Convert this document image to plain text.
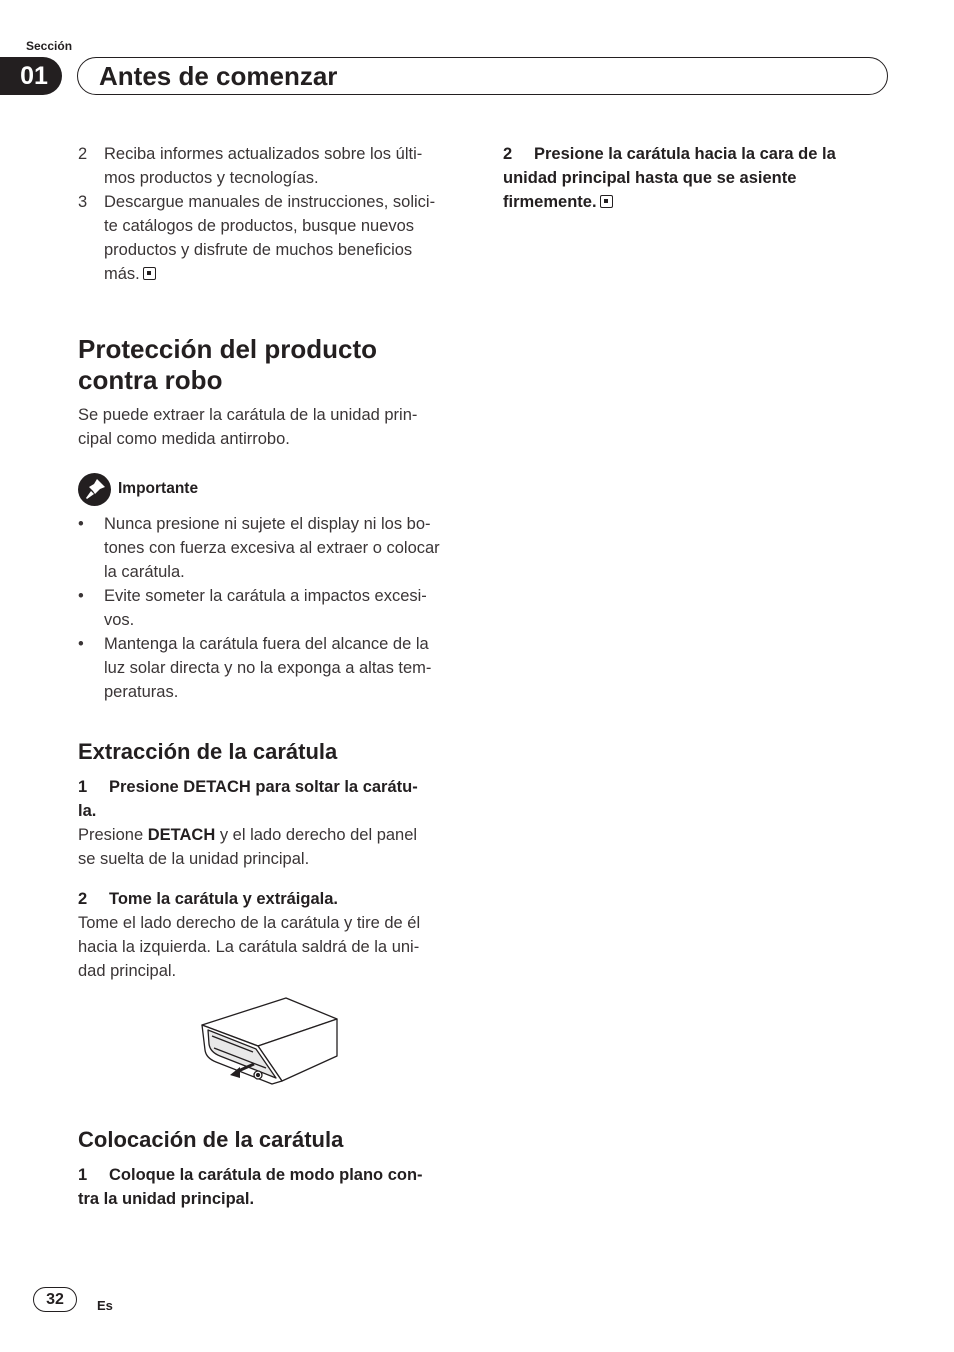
Sección
01	Antes de comenzar
2	Reciba informes actualizados sobre los últi-
mos productos y tecnologías.
3	Descargue manuales de instrucciones, solici-
te catálogos de productos, busque nuevos
productos y disfrute de muchos beneficios
más.
Protección del producto
contra robo
Se puede extraer la carátula de la unidad prin-
cipal como medida antirrobo.
Importante
•	Nunca presione ni sujete el display ni los bo-
tones con fuerza excesiva al extraer o colocar
la carátula.
•	Evite someter la carátula a impactos excesi-
vos.
•	Mantenga la carátula fuera del alcance de la
luz solar directa y no la exponga a altas tem-
peraturas.
Extracción de la carátula
1 Presione DETACH para soltar la carátu-
la.
Presione DETACH y el lado derecho del panel
se suelta de la unidad principal.
2 Tome la carátula y extráigala.
Tome el lado derecho de la carátula y tire de él
hacia la izquierda. La carátula saldrá de la uni-
dad principal.
Colocación de la carátula
1 Coloque la carátula de modo plano con-
tra la unidad principal.
2 Presione la carátula hacia la cara de la
unidad principal hasta que se asiente
firmemente.
32	Es
